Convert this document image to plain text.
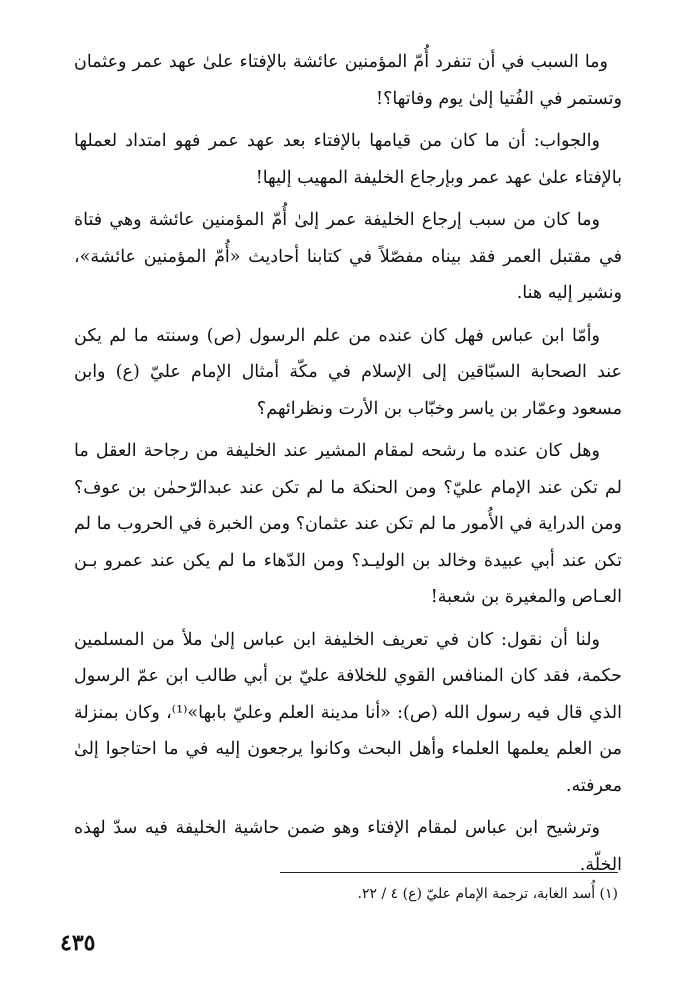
وما السبب في أن تنفرد أُمّ المؤمنين عائشة بالإفتاء علىٰ عهد عمر وعثمان وتستمر في الفُتيا إلىٰ يوم وفاتها؟!

والجواب: أن ما كان من قيامها بالإفتاء بعد عهد عمر فهو امتداد لعملها بالإفتاء علىٰ عهد عمر وبإرجاع الخليفة المهيب إليها!

وما كان من سبب إرجاع الخليفة عمر إلىٰ أُمّ المؤمنين عائشة وهي فتاة في مقتبل العمر فقد بيناه مفصّلاً في كتابنا أحاديث «أُمّ المؤمنين عائشة»، ونشير إليه هنا.

وأمّا ابن عباس فهل كان عنده من علم الرسول (ص) وسنته ما لم يكن عند الصحابة السبّاقين إلى الإسلام في مكّة أمثال الإمام عليّ (ع) وابن مسعود وعمّار بن ياسر وخبّاب بن الأرت ونظرائهم؟

وهل كان عنده ما رشحه لمقام المشير عند الخليفة من رجاحة العقل ما لم تكن عند الإمام عليّ؟ ومن الحنكة ما لم تكن عند عبدالرّحمٰن بن عوف؟ ومن الدراية في الأُمور ما لم تكن عند عثمان؟ ومن الخبرة في الحروب ما لم تكن عند أبي عبيدة وخالد بن الوليـد؟ ومن الدّهاء ما لم يكن عند عمرو بـن العـاص والمغيرة بن شعبة!

ولنا أن نقول: كان في تعريف الخليفة ابن عباس إلىٰ ملأ من المسلمين حكمة، فقد كان المنافس القوي للخلافة عليّ بن أبي طالب ابن عمّ الرسول الذي قال فيه رسول الله (ص): «أنا مدينة العلم وعليّ بابها»⁽¹⁾، وكان بمنزلة من العلم يعلمها العلماء وأهل البحث وكانوا يرجعون إليه في ما احتاجوا إلىٰ معرفته.

وترشيح ابن عباس لمقام الإفتاء وهو ضمن حاشية الخليفة فيه سدّ لهذه الخلّة.

(١) أُسد الغابة، ترجمة الإمام عليّ (ع) ٤ / ٢٢.
٤٣٥
